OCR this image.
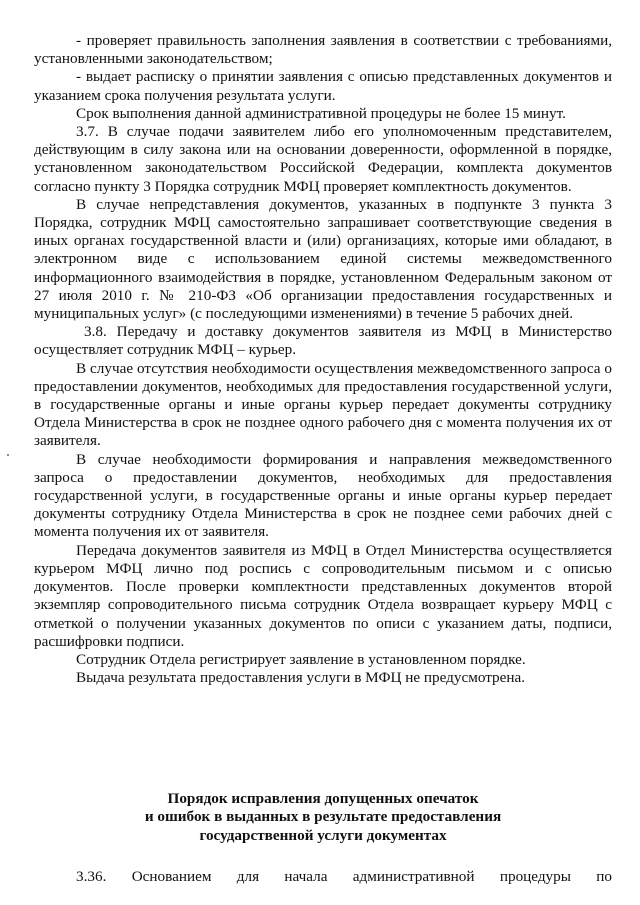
- проверяет правильность заполнения заявления в соответствии с требованиями, установленными законодательством;

- выдает расписку о принятии заявления с описью представленных документов и указанием срока получения результата услуги.

Срок выполнения данной административной процедуры не более 15 минут.

3.7. В случае подачи заявителем либо его уполномоченным представителем, действующим в силу закона или на основании доверенности, оформленной в порядке, установленном законодательством Российской Федерации, комплекта документов согласно пункту 3 Порядка сотрудник МФЦ проверяет комплектность документов.

В случае непредставления документов, указанных в подпункте 3 пункта 3 Порядка, сотрудник МФЦ самостоятельно запрашивает соответствующие сведения в иных органах государственной власти и (или) организациях, которые ими обладают, в электронном виде с использованием единой системы межведомственного информационного взаимодействия в порядке, установленном Федеральным законом от 27 июля 2010 г. № 210-ФЗ «Об организации предоставления государственных и муниципальных услуг» (с последующими изменениями) в течение 5 рабочих дней.

3.8. Передачу и доставку документов заявителя из МФЦ в Министерство осуществляет сотрудник МФЦ – курьер.

В случае отсутствия необходимости осуществления межведомственного запроса о предоставлении документов, необходимых для предоставления государственной услуги, в государственные органы и иные органы курьер передает документы сотруднику Отдела Министерства в срок не позднее одного рабочего дня с момента получения их от заявителя.

В случае необходимости формирования и направления межведомственного запроса о предоставлении документов, необходимых для предоставления государственной услуги, в государственные органы и иные органы курьер передает документы сотруднику Отдела Министерства в срок не позднее семи рабочих дней с момента получения их от заявителя.

Передача документов заявителя из МФЦ в Отдел Министерства осуществляется курьером МФЦ лично под роспись с сопроводительным письмом и с описью документов. После проверки комплектности представленных документов второй экземпляр сопроводительного письма сотрудник Отдела возвращает курьеру МФЦ с отметкой о получении указанных документов по описи с указанием даты, подписи, расшифровки подписи.

Сотрудник Отдела регистрирует заявление в установленном порядке.

Выдача результата предоставления услуги в МФЦ не предусмотрена.

Порядок исправления допущенных опечаток
и ошибок в выданных в результате предоставления
государственной услуги документах

3.36. Основанием для начала административной процедуры по
